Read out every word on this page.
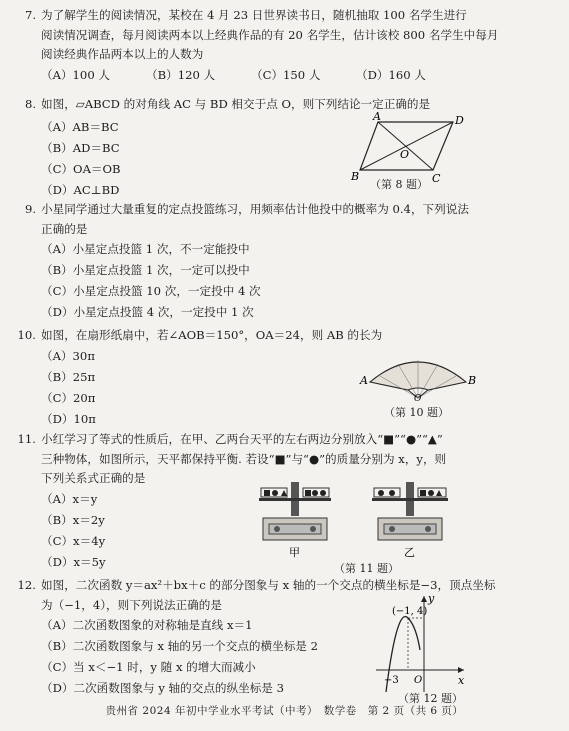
7. 为了解学生的阅读情况，某校在 4 月 23 日世界读书日，随机抽取 100 名学生进行
阅读情况调查，每月阅读两本以上经典作品的有 20 名学生，估计该校 800 名学生中每月
阅读经典作品两本以上的人数为
（A）100 人	（B）120 人	（C）150 人	（D）160 人
8. 如图，▱ABCD 的对角线 AC 与 BD 相交于点 O，则下列结论一定正确的是
（A）AB＝BC
（B）AD＝BC
（C）OA＝OB
（D）AC⊥BD
A	D
B	C
O
（第 8 题）
9. 小星同学通过大量重复的定点投篮练习，用频率估计他投中的概率为 0.4，下列说法
正确的是
（A）小星定点投篮 1 次，不一定能投中
（B）小星定点投篮 1 次，一定可以投中
（C）小星定点投篮 10 次，一定投中 4 次
（D）小星定点投篮 4 次，一定投中 1 次
10. 如图，在扇形纸扇中，若∠AOB＝150°，OA＝24，则 AB 的长为
（A）30π
（B）25π
（C）20π
（D）10π
A	B
O
（第 10 题）
11. 小红学习了等式的性质后，在甲、乙两台天平的左右两边分别放入“■”“●”“▲”
三种物体，如图所示，天平都保持平衡. 若设“■”与“●”的质量分别为 x，y，则
下列关系式正确的是
（A）x＝y
（B）x＝2y
（C）x＝4y
（D）x＝5y
甲	乙
（第 11 题）
12. 如图，二次函数 y＝ax²＋bx＋c 的部分图象与 x 轴的一个交点的横坐标是−3，顶点坐标
为（−1，4），则下列说法正确的是
（A）二次函数图象的对称轴是直线 x＝1
（B）二次函数图象与 x 轴的另一个交点的横坐标是 2
（C）当 x＜−1 时，y 随 x 的增大而减小
（D）二次函数图象与 y 轴的交点的纵坐标是 3
(−1, 4)
y
x
−3 O
（第 12 题）
贵州省 2024 年初中学业水平考试（中考）　数学卷　第 2 页（共 6 页）
